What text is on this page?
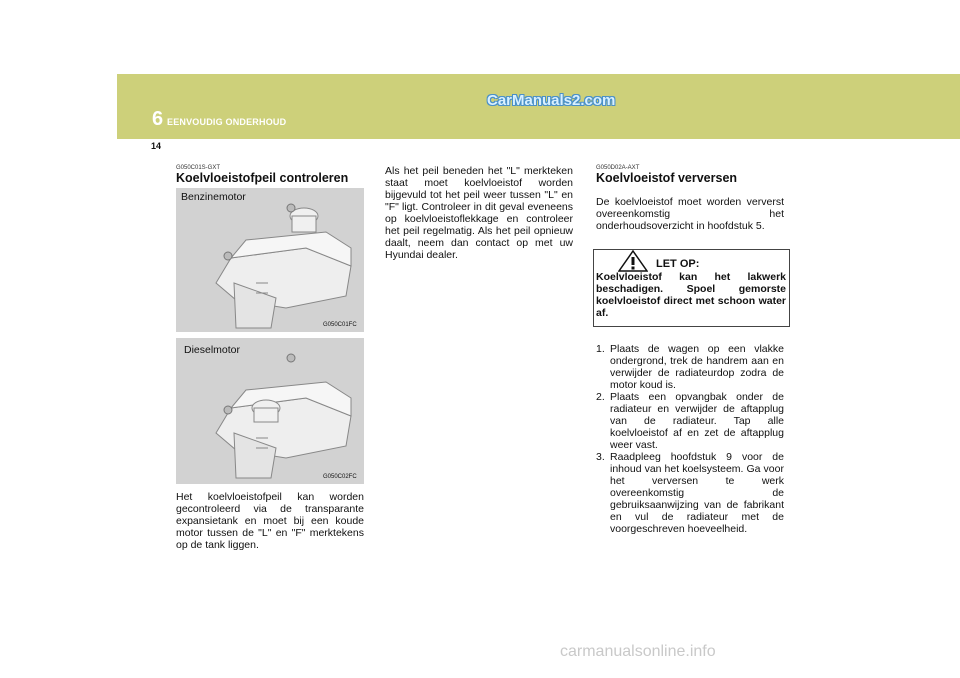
6 EENVOUDIG ONDERHOUD
CarManuals2.com
14
G050C01S-GXT
Koelvloeistofpeil controleren
Benzinemotor
G050C01FC
Dieselmotor
G050C02FC
Het koelvloeistofpeil kan worden gecontroleerd via de transparante expansietank en moet bij een koude motor tussen de "L" en "F" merktekens op de tank liggen.
Als het peil beneden het "L" merkteken staat moet koelvloeistof worden bijgevuld tot het peil weer tussen "L" en "F" ligt. Controleer in dit geval eveneens op koelvloeistoflekkage en controleer het peil regelmatig. Als het peil opnieuw daalt, neem dan contact op met uw Hyundai dealer.
G050D02A-AXT
Koelvloeistof verversen
De koelvloeistof moet worden ververst overeenkomstig het onderhoudsoverzicht in hoofdstuk 5.
LET OP:
Koelvloeistof kan het lakwerk beschadigen. Spoel gemorste koelvloeistof direct met schoon water af.
1. Plaats de wagen op een vlakke ondergrond, trek de handrem aan en verwijder de radiateurdop zodra de motor koud is.
2. Plaats een opvangbak onder de radiateur en verwijder de aftapplug van de radiateur. Tap alle koelvloeistof af en zet de aftapplug weer vast.
3. Raadpleeg hoofdstuk 9 voor de inhoud van het koelsysteem. Ga voor het verversen te werk overeenkomstig de gebruiksaanwijzing van de fabrikant en vul de radiateur met de voorgeschreven hoeveelheid.
carmanualsonline.info
